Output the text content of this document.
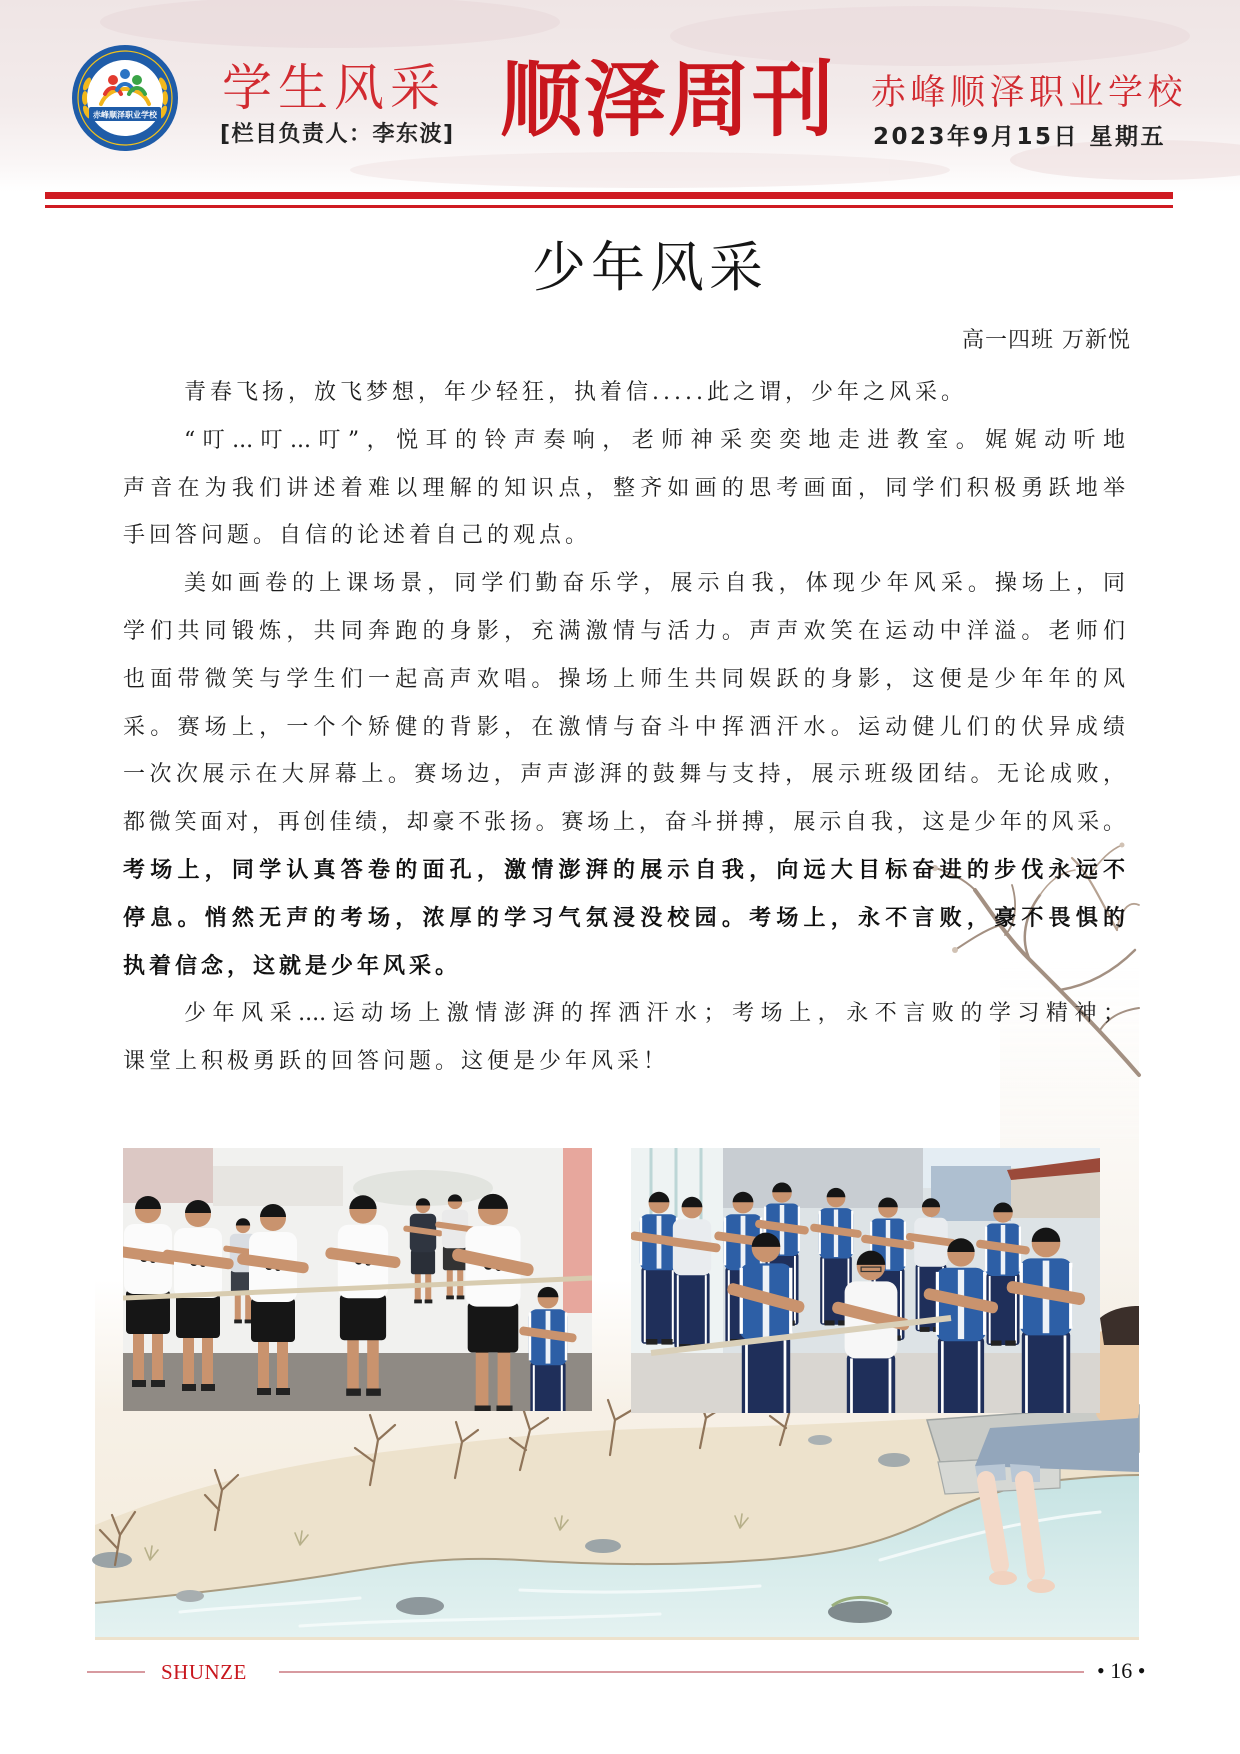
赤峰顺泽职业学校 学生风采
[栏目负责人：李东波] 顺泽周刊 赤峰顺泽职业学校
2023年9月15日 星期五
少年风采
高一四班 万新悦
青春飞扬，放飞梦想，年少轻狂，执着信.....此之谓，少年之风采。
“叮...叮...叮”，悦耳的铃声奏响，老师神采奕奕地走进教室。娓娓动听地
声音在为我们讲述着难以理解的知识点，整齐如画的思考画面，同学们积极勇跃地举
手回答问题。自信的论述着自己的观点。
美如画卷的上课场景，同学们勤奋乐学，展示自我，体现少年风采。操场上，同
学们共同锻炼，共同奔跑的身影，充满激情与活力。声声欢笑在运动中洋溢。老师们
也面带微笑与学生们一起高声欢唱。操场上师生共同娱跃的身影，这便是少年年的风
采。赛场上，一个个矫健的背影，在激情与奋斗中挥洒汗水。运动健儿们的伏异成绩
一次次展示在大屏幕上。赛场边，声声澎湃的鼓舞与支持，展示班级团结。无论成败，
都微笑面对，再创佳绩，却豪不张扬。赛场上，奋斗拼搏，展示自我，这是少年的风采。
考场上，同学认真答卷的面孔，激情澎湃的展示自我，向远大目标奋进的步伐永远不
停息。悄然无声的考场，浓厚的学习气氛浸没校园。考场上，永不言败，豪不畏惧的
执着信念，这就是少年风采。
少年风采....运动场上激情澎湃的挥洒汗水；考场上，永不言败的学习精神；
课堂上积极勇跃的回答问题。这便是少年风采！
SHUNZE	• 16 •
